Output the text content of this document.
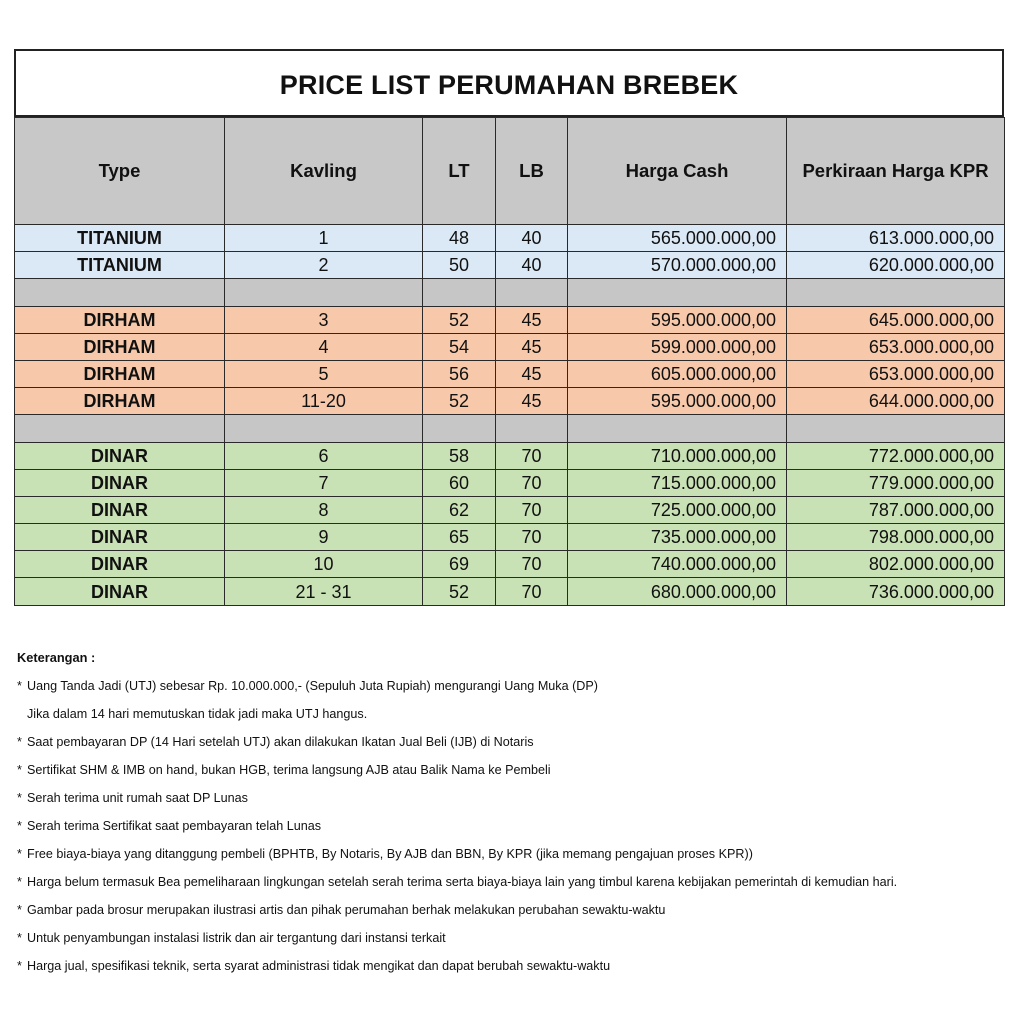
PRICE LIST PERUMAHAN BREBEK
Type	Kavling	LT	LB	Harga Cash	Perkiraan Harga KPR
TITANIUM	1	48	40	565.000.000,00	613.000.000,00
TITANIUM	2	50	40	570.000.000,00	620.000.000,00

DIRHAM	3	52	45	595.000.000,00	645.000.000,00
DIRHAM	4	54	45	599.000.000,00	653.000.000,00
DIRHAM	5	56	45	605.000.000,00	653.000.000,00
DIRHAM	11-20	52	45	595.000.000,00	644.000.000,00

DINAR	6	58	70	710.000.000,00	772.000.000,00
DINAR	7	60	70	715.000.000,00	779.000.000,00
DINAR	8	62	70	725.000.000,00	787.000.000,00
DINAR	9	65	70	735.000.000,00	798.000.000,00
DINAR	10	69	70	740.000.000,00	802.000.000,00
DINAR	21 - 31	52	70	680.000.000,00	736.000.000,00
Keterangan :
* Uang Tanda Jadi (UTJ) sebesar Rp. 10.000.000,- (Sepuluh Juta Rupiah) mengurangi Uang Muka (DP)
Jika dalam 14 hari memutuskan tidak jadi maka UTJ hangus.
* Saat pembayaran DP (14 Hari setelah UTJ) akan dilakukan Ikatan Jual Beli (IJB) di Notaris
* Sertifikat SHM & IMB on hand, bukan HGB, terima langsung AJB atau Balik Nama ke Pembeli
* Serah terima unit rumah saat DP Lunas
* Serah terima Sertifikat saat pembayaran telah Lunas
* Free biaya-biaya yang ditanggung pembeli (BPHTB, By Notaris, By AJB dan BBN, By KPR (jika memang pengajuan proses KPR))
* Harga belum termasuk Bea pemeliharaan lingkungan setelah serah terima serta biaya-biaya lain yang timbul karena kebijakan pemerintah di kemudian hari.
* Gambar pada brosur merupakan ilustrasi artis dan pihak perumahan berhak melakukan perubahan sewaktu-waktu
* Untuk penyambungan instalasi listrik dan air tergantung dari instansi terkait
* Harga jual, spesifikasi teknik, serta syarat administrasi tidak mengikat dan dapat berubah sewaktu-waktu
